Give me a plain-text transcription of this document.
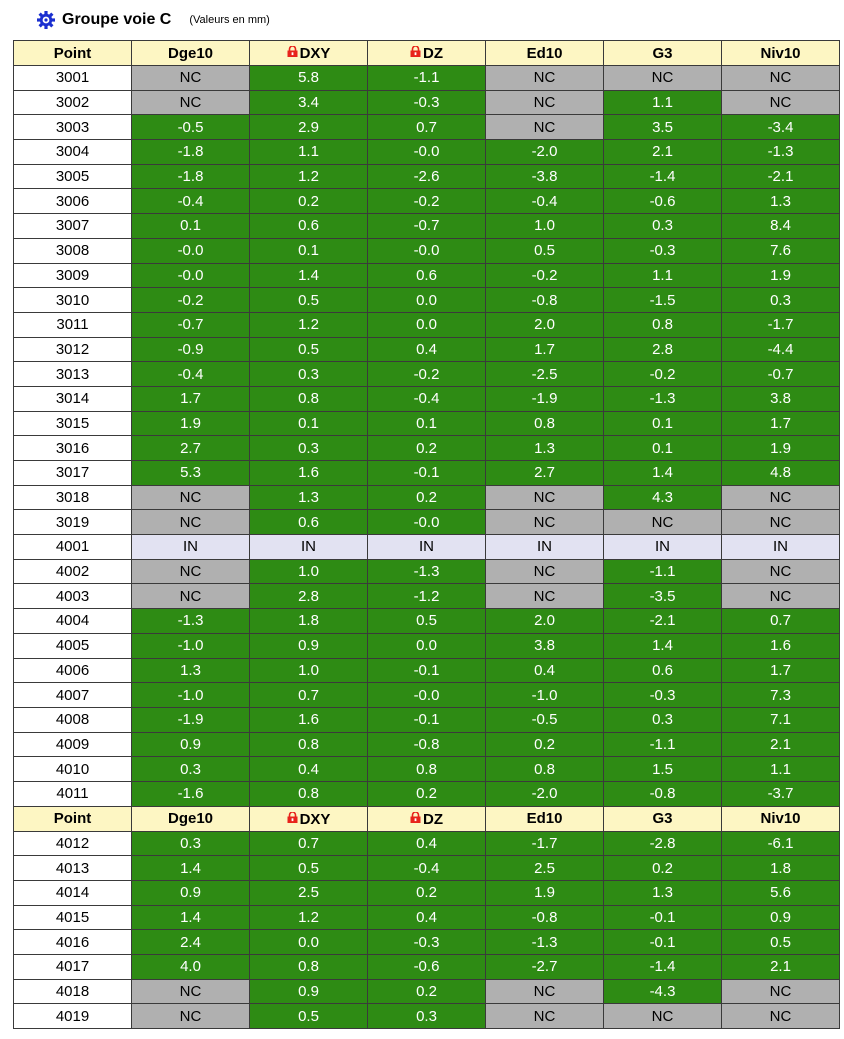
Groupe voie C (Valeurs en mm)
Point	Dge10	DXY	DZ	Ed10	G3	Niv10
3001	NC	5.8	-1.1	NC	NC	NC
3002	NC	3.4	-0.3	NC	1.1	NC
3003	-0.5	2.9	0.7	NC	3.5	-3.4
3004	-1.8	1.1	-0.0	-2.0	2.1	-1.3
3005	-1.8	1.2	-2.6	-3.8	-1.4	-2.1
3006	-0.4	0.2	-0.2	-0.4	-0.6	1.3
3007	0.1	0.6	-0.7	1.0	0.3	8.4
3008	-0.0	0.1	-0.0	0.5	-0.3	7.6
3009	-0.0	1.4	0.6	-0.2	1.1	1.9
3010	-0.2	0.5	0.0	-0.8	-1.5	0.3
3011	-0.7	1.2	0.0	2.0	0.8	-1.7
3012	-0.9	0.5	0.4	1.7	2.8	-4.4
3013	-0.4	0.3	-0.2	-2.5	-0.2	-0.7
3014	1.7	0.8	-0.4	-1.9	-1.3	3.8
3015	1.9	0.1	0.1	0.8	0.1	1.7
3016	2.7	0.3	0.2	1.3	0.1	1.9
3017	5.3	1.6	-0.1	2.7	1.4	4.8
3018	NC	1.3	0.2	NC	4.3	NC
3019	NC	0.6	-0.0	NC	NC	NC
4001	IN	IN	IN	IN	IN	IN
4002	NC	1.0	-1.3	NC	-1.1	NC
4003	NC	2.8	-1.2	NC	-3.5	NC
4004	-1.3	1.8	0.5	2.0	-2.1	0.7
4005	-1.0	0.9	0.0	3.8	1.4	1.6
4006	1.3	1.0	-0.1	0.4	0.6	1.7
4007	-1.0	0.7	-0.0	-1.0	-0.3	7.3
4008	-1.9	1.6	-0.1	-0.5	0.3	7.1
4009	0.9	0.8	-0.8	0.2	-1.1	2.1
4010	0.3	0.4	0.8	0.8	1.5	1.1
4011	-1.6	0.8	0.2	-2.0	-0.8	-3.7
Point	Dge10	DXY	DZ	Ed10	G3	Niv10
4012	0.3	0.7	0.4	-1.7	-2.8	-6.1
4013	1.4	0.5	-0.4	2.5	0.2	1.8
4014	0.9	2.5	0.2	1.9	1.3	5.6
4015	1.4	1.2	0.4	-0.8	-0.1	0.9
4016	2.4	0.0	-0.3	-1.3	-0.1	0.5
4017	4.0	0.8	-0.6	-2.7	-1.4	2.1
4018	NC	0.9	0.2	NC	-4.3	NC
4019	NC	0.5	0.3	NC	NC	NC
